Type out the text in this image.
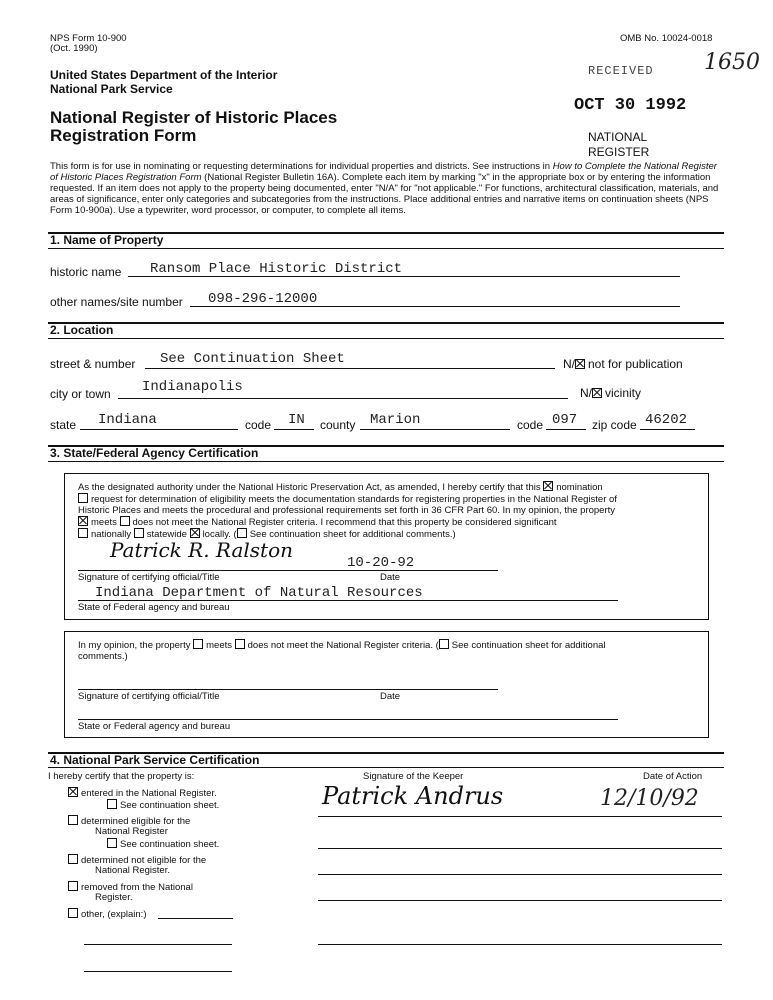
NPS Form 10-900
(Oct. 1990)
OMB No. 10024-0018
United States Department of the Interior
National Park Service
National Register of Historic Places
Registration Form
RECEIVED 1650
OCT 30 1992
NATIONAL
REGISTER
This form is for use in nominating or requesting determinations for individual properties and districts. See instructions in How to Complete the National Register of Historic Places Registration Form (National Register Bulletin 16A). Complete each item by marking "x" in the appropriate box or by entering the information requested. If an item does not apply to the property being documented, enter "N/A" for "not applicable." For functions, architectural classification, materials, and areas of significance, enter only categories and subcategories from the instructions. Place additional entries and narrative items on continuation sheets (NPS Form 10-900a). Use a typewriter, word processor, or computer, to complete all items.
1. Name of Property
historic name Ransom Place Historic District
other names/site number 098-296-12000
2. Location
street & number See Continuation Sheet	N/ not for publication
city or town Indianapolis	N/ vicinity
state Indiana	code IN county Marion	code 097 zip code 46202
3. State/Federal Agency Certification
As the designated authority under the National Historic Preservation Act, as amended, I hereby certify that this nomination
request for determination of eligibility meets the documentation standards for registering properties in the National Register of
Historic Places and meets the procedural and professional requirements set forth in 36 CFR Part 60. In my opinion, the property
meets does not meet the National Register criteria. I recommend that this property be considered significant
nationally statewide locally. ( See continuation sheet for additional comments.)
Patrick R. Ralston
10-20-92
Signature of certifying official/Title	Date
Indiana Department of Natural Resources
State of Federal agency and bureau
In my opinion, the property meets does not meet the National Register criteria. ( See continuation sheet for additional
comments.)
Signature of certifying official/Title	Date
State or Federal agency and bureau
4. National Park Service Certification
I hereby certify that the property is:	Signature of the Keeper	Date of Action
Patrick Andrus	12/10/92
entered in the National Register.
See continuation sheet.
determined eligible for the
National Register
See continuation sheet.
determined not eligible for the
National Register.
removed from the National
Register.
other, (explain:)
